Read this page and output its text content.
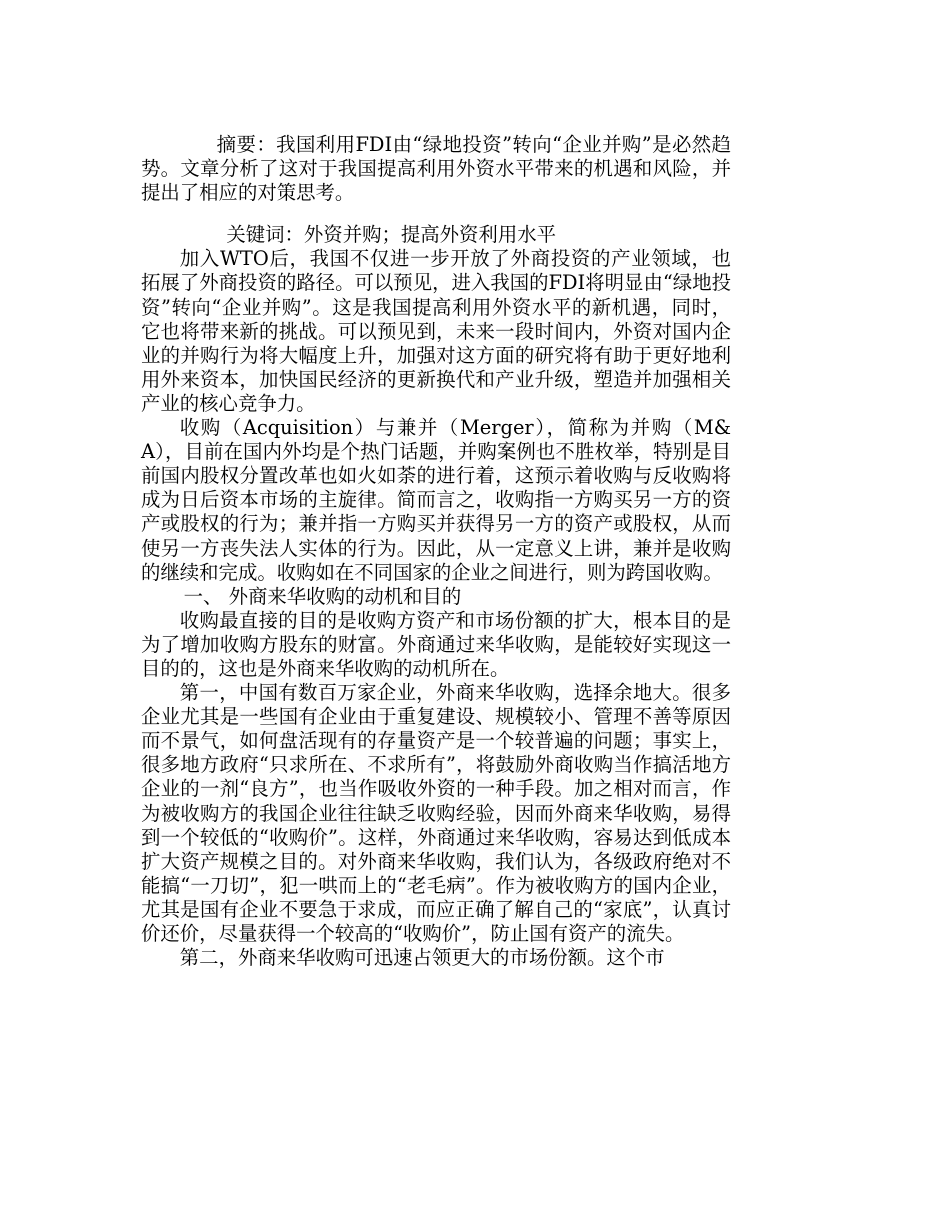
摘要：我国利用FDI由“绿地投资”转向“企业并购”是必然趋势。文章分析了这对于我国提高利用外资水平带来的机遇和风险，并提出了相应的对策思考。

关键词：外资并购；提高外资利用水平

加入WTO后，我国不仅进一步开放了外商投资的产业领域，也拓展了外商投资的路径。可以预见，进入我国的FDI将明显由“绿地投资”转向“企业并购”。这是我国提高利用外资水平的新机遇，同时，它也将带来新的挑战。可以预见到，未来一段时间内，外资对国内企业的并购行为将大幅度上升，加强对这方面的研究将有助于更好地利用外来资本，加快国民经济的更新换代和产业升级，塑造并加强相关产业的核心竞争力。

收购（Acquisition）与兼并（Merger），简称为并购（M&A），目前在国内外均是个热门话题，并购案例也不胜枚举，特别是目前国内股权分置改革也如火如荼的进行着，这预示着收购与反收购将成为日后资本市场的主旋律。简而言之，收购指一方购买另一方的资产或股权的行为；兼并指一方购买并获得另一方的资产或股权，从而使另一方丧失法人实体的行为。因此，从一定意义上讲，兼并是收购的继续和完成。收购如在不同国家的企业之间进行，则为跨国收购。

一、 外商来华收购的动机和目的

收购最直接的目的是收购方资产和市场份额的扩大，根本目的是为了增加收购方股东的财富。外商通过来华收购，是能较好实现这一目的的，这也是外商来华收购的动机所在。

第一，中国有数百万家企业，外商来华收购，选择余地大。很多企业尤其是一些国有企业由于重复建设、规模较小、管理不善等原因而不景气，如何盘活现有的存量资产是一个较普遍的问题；事实上，很多地方政府“只求所在、不求所有”，将鼓励外商收购当作搞活地方企业的一剂“良方”，也当作吸收外资的一种手段。加之相对而言，作为被收购方的我国企业往往缺乏收购经验，因而外商来华收购，易得到一个较低的“收购价”。这样，外商通过来华收购，容易达到低成本扩大资产规模之目的。对外商来华收购，我们认为，各级政府绝对不能搞“一刀切”，犯一哄而上的“老毛病”。作为被收购方的国内企业，尤其是国有企业不要急于求成，而应正确了解自己的“家底”，认真讨价还价，尽量获得一个较高的“收购价”，防止国有资产的流失。

第二，外商来华收购可迅速占领更大的市场份额。这个市
